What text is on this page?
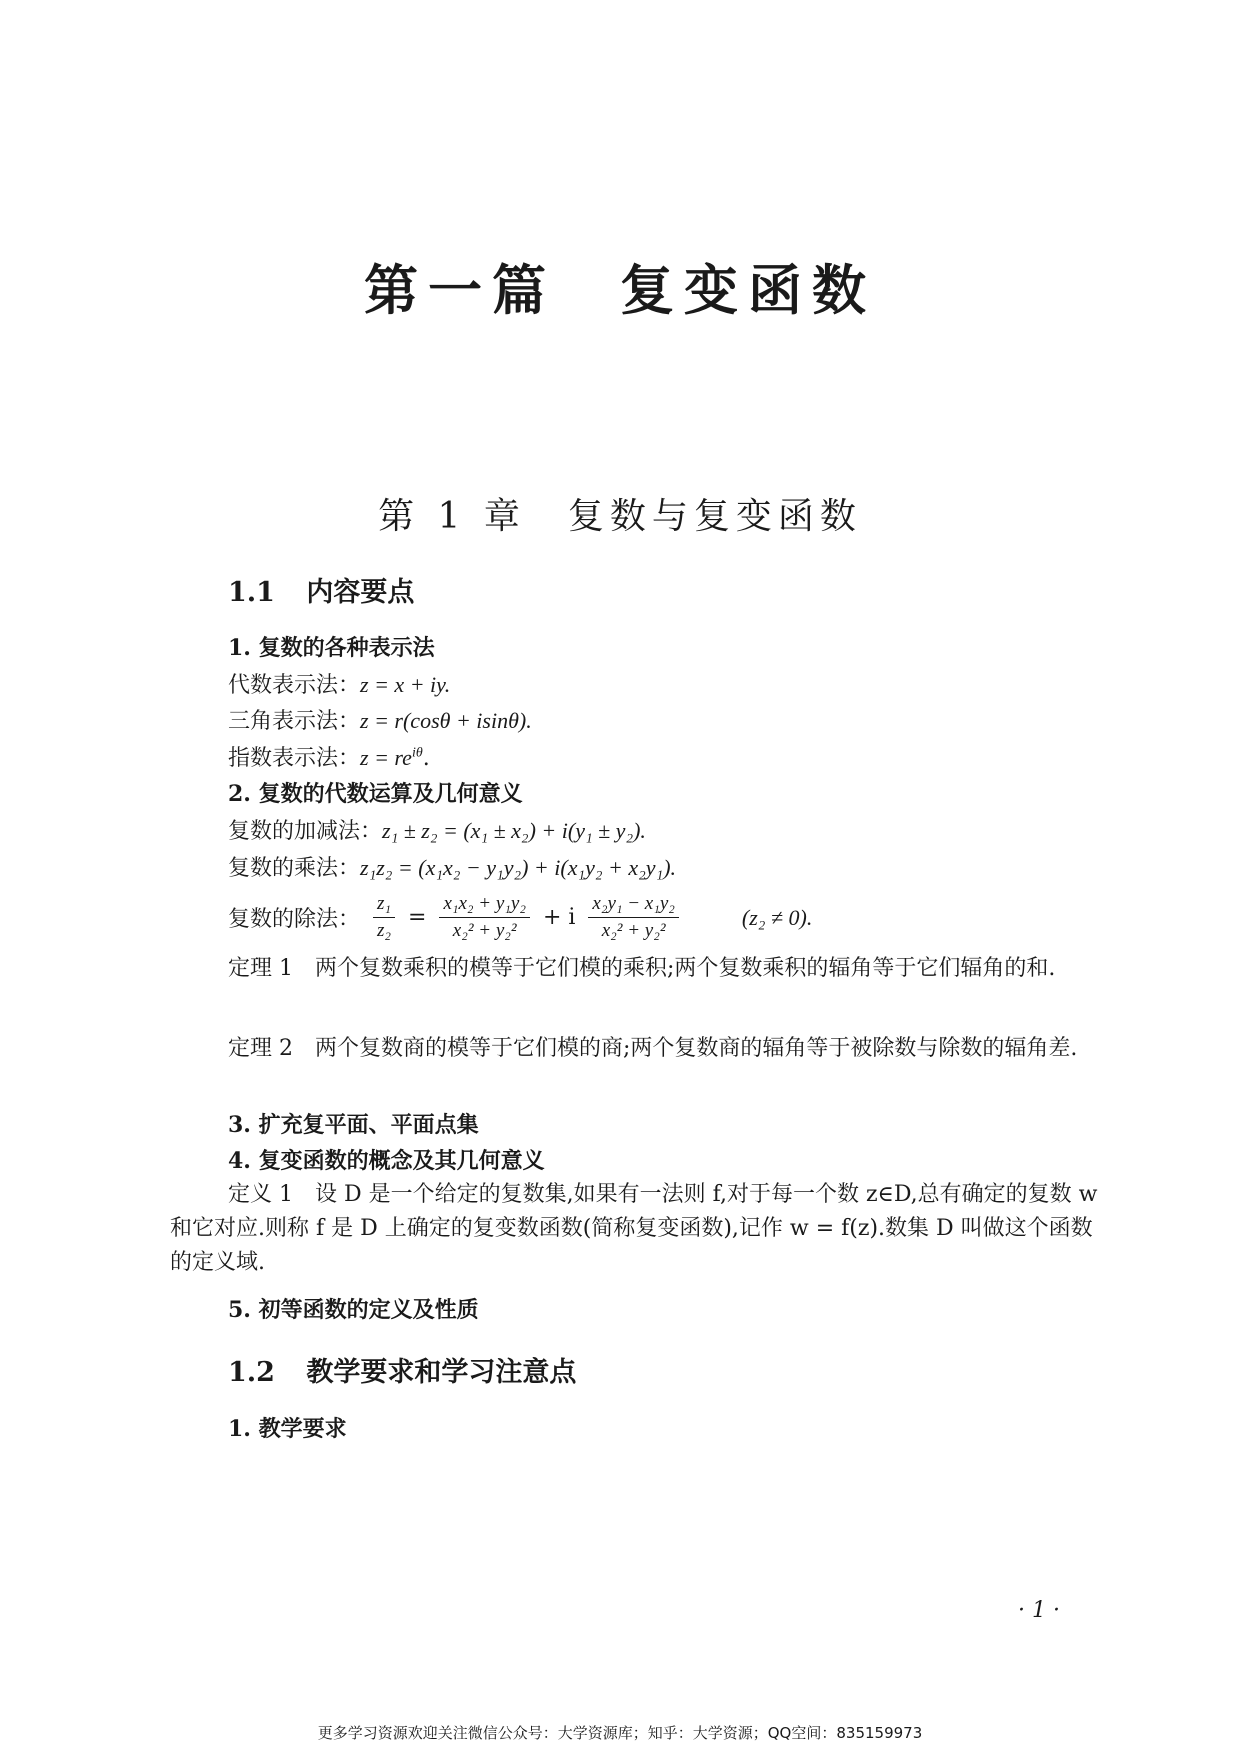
第一篇　复变函数
第 1 章　复数与复变函数
1.1 内容要点
1. 复数的各种表示法
代数表示法：z = x + iy.
三角表示法：z = r(cosθ + isinθ).
指数表示法：$z = re^{i\theta}$.
2. 复数的代数运算及几何意义
复数的加减法：z₁ ± z₂ = (x₁ ± x₂) + i(y₁ ± y₂).
复数的乘法：z₁z₂ = (x₁x₂ − y₁y₂) + i(x₁y₂ + x₂y₁).
复数的除法： $\frac{\text{z₁}}{\text{z₂}} = \frac{\text{x₁x₂ + y₁y₂}}{\text{x₂² + y₂²}} + i \frac{\text{x₂y₁ − x₁y₂}}{\text{x₂² + y₂²}}$	(z₂ ≠ 0).
定理 1　两个复数乘积的模等于它们模的乘积;两个复数乘积的辐角等于它们辐角的和.
定理 2　两个复数商的模等于它们模的商;两个复数商的辐角等于被除数与除数的辐角差.
3. 扩充复平面、平面点集
4. 复变函数的概念及其几何意义
定义 1　设 D 是一个给定的复数集,如果有一法则 f,对于每一个数 z∈D,总有确定的复数 w 和它对应.则称 f 是 D 上确定的复变数函数(简称复变函数),记作 w = f(z).数集 D 叫做这个函数的定义域.
5. 初等函数的定义及性质
1.2 教学要求和学习注意点
1. 教学要求
· 1 ·
更多学习资源欢迎关注微信公众号：大学资源库；知乎：大学资源；QQ空间：835159973
